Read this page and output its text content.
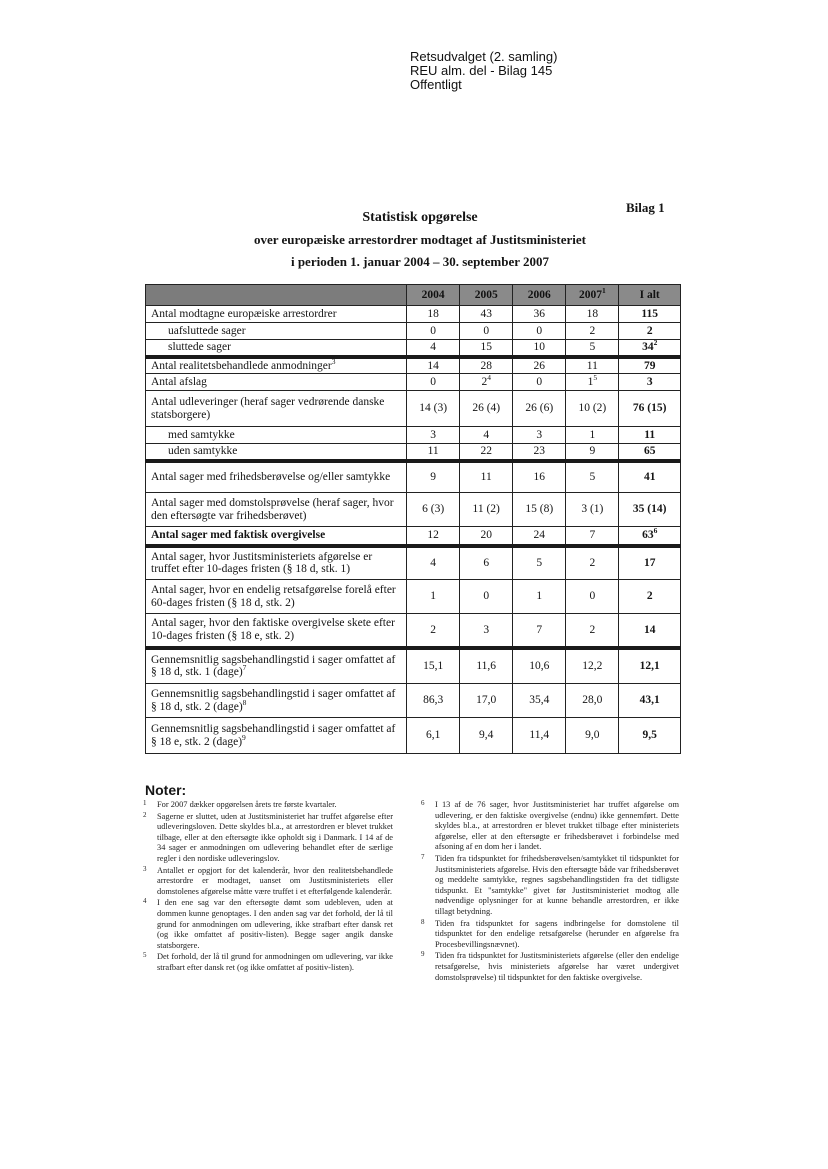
Retsudvalget (2. samling)
REU alm. del - Bilag 145
Offentligt
Bilag 1
Statistisk opgørelse
over europæiske arrestordrer modtaget af Justitsministeriet
i perioden 1. januar 2004 – 30. september 2007
	2004	2005	2006	2007$^1$	I alt
Antal modtagne europæiske arrestordrer	18	43	36	18	115
uafsluttede sager	0	0	0	2	2
sluttede sager	4	15	10	5	$34^2$
Antal realitetsbehandlede anmodninger$^3$	14	28	26	11	79
Antal afslag	0	$2^4$	0	$1^5$	3
Antal udleveringer (heraf sager vedrørende danske statsborgere)	14 (3)	26 (4)	26 (6)	10 (2)	76 (15)
med samtykke	3	4	3	1	11
uden samtykke	11	22	23	9	65
Antal sager med frihedsberøvelse og/eller samtykke	9	11	16	5	41
Antal sager med domstolsprøvelse (heraf sager, hvor den eftersøgte var frihedsberøvet)	6 (3)	11 (2)	15 (8)	3 (1)	35 (14)
Antal sager med faktisk overgivelse	12	20	24	7	$63^6$
Antal sager, hvor Justitsministeriets afgørelse er truffet efter 10-dages fristen (§ 18 d, stk. 1)	4	6	5	2	17
Antal sager, hvor en endelig retsafgørelse forelå efter 60-dages fristen (§ 18 d, stk. 2)	1	0	1	0	2
Antal sager, hvor den faktiske overgivelse skete efter 10-dages fristen (§ 18 e, stk. 2)	2	3	7	2	14
Gennemsnitlig sagsbehandlingstid i sager omfattet af § 18 d, stk. 1 (dage)$^7$	15,1	11,6	10,6	12,2	12,1
Gennemsnitlig sagsbehandlingstid i sager omfattet af § 18 d, stk. 2 (dage)$^8$	86,3	17,0	35,4	28,0	43,1
Gennemsnitlig sagsbehandlingstid i sager omfattet af § 18 e, stk. 2 (dage)$^9$	6,1	9,4	11,4	9,0	9,5
Noter:
1 For 2007 dækker opgørelsen årets tre første kvartaler.
2 Sagerne er sluttet, uden at Justitsministeriet har truffet afgørelse efter udleveringsloven. Dette skyldes bl.a., at arrestordren er blevet trukket tilbage, eller at den eftersøgte ikke opholdt sig i Danmark. I 14 af de 34 sager er anmodningen om udlevering behandlet efter de særlige regler i den nordiske udleveringslov.
3 Antallet er opgjort for det kalenderår, hvor den realitetsbehandlede arrestordre er modtaget, uanset om Justitsministeriets eller domstolenes afgørelse måtte være truffet i et efterfølgende kalenderår.
4 I den ene sag var den eftersøgte dømt som udebleven, uden at dommen kunne genoptages. I den anden sag var det forhold, der lå til grund for anmodningen om udlevering, ikke strafbart efter dansk ret (og ikke omfattet af positiv-listen). Begge sager angik danske statsborgere.
5 Det forhold, der lå til grund for anmodningen om udlevering, var ikke strafbart efter dansk ret (og ikke omfattet af positiv-listen).
6 I 13 af de 76 sager, hvor Justitsministeriet har truffet afgørelse om udlevering, er den faktiske overgivelse (endnu) ikke gennemført. Dette skyldes bl.a., at arrestordren er blevet trukket tilbage efter ministeriets afgørelse, eller at den eftersøgte er frihedsberøvet i forbindelse med afsoning af en dom her i landet.
7 Tiden fra tidspunktet for frihedsberøvelsen/samtykket til tidspunktet for Justitsministeriets afgørelse. Hvis den eftersøgte både var frihedsberøvet og meddelte samtykke, regnes sagsbehandlingstiden fra det tidligste tidspunkt. Et "samtykke" givet før Justitsministeriet modtog alle nødvendige oplysninger for at kunne behandle arrestordren, er ikke tillagt betydning.
8 Tiden fra tidspunktet for sagens indbringelse for domstolene til tidspunktet for den endelige retsafgørelse (herunder en afgørelse fra Procesbevillingsnævnet).
9 Tiden fra tidspunktet for Justitsministeriets afgørelse (eller den endelige retsafgørelse, hvis ministeriets afgørelse har været undergivet domstolsprøvelse) til tidspunktet for den faktiske overgivelse.
